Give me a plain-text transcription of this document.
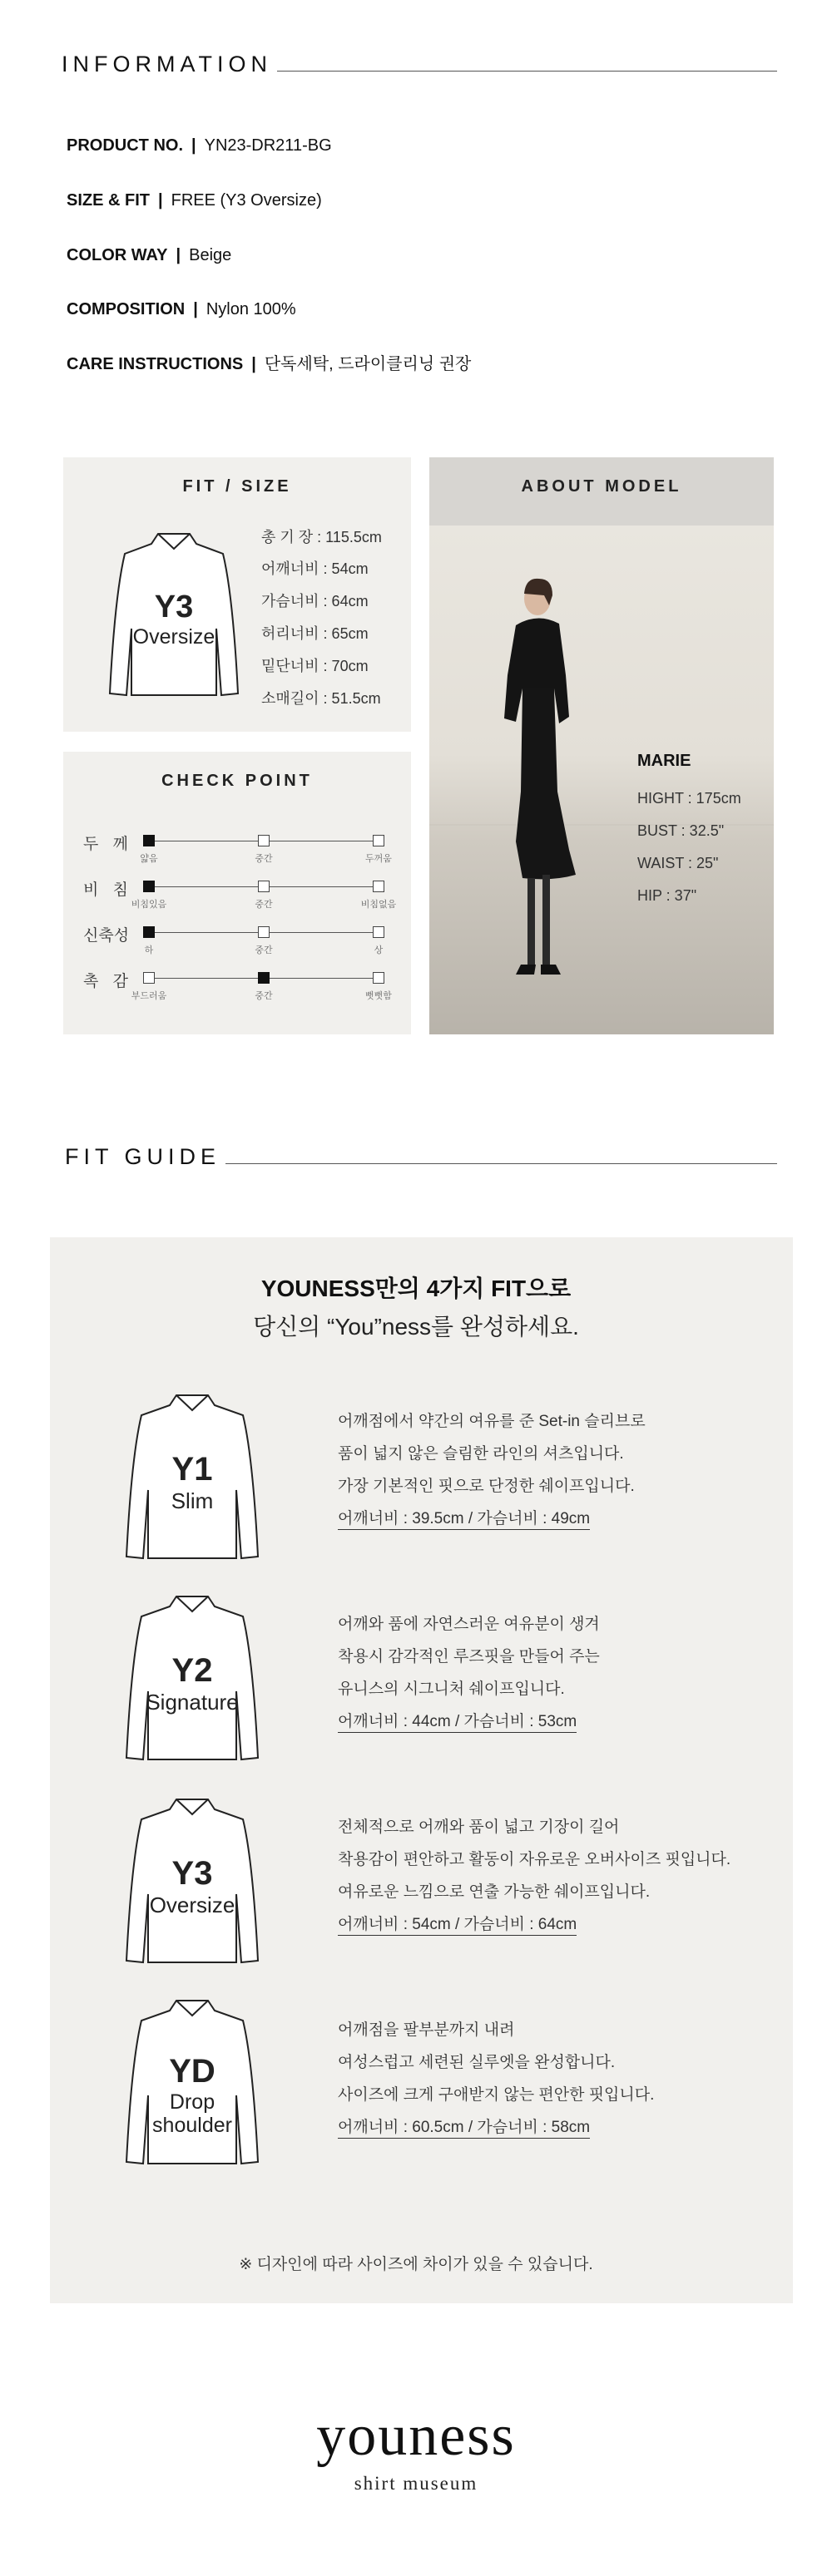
INFORMATION
PRODUCT NO. | YN23-DR211-BG
SIZE & FIT | FREE (Y3 Oversize)
COLOR WAY | Beige
COMPOSITION | Nylon 100%
CARE INSTRUCTIONS | 단독세탁, 드라이클리닝 권장
FIT / SIZE
Y3
Oversize
총 기 장 : 115.5cm
어깨너비 : 54cm
가슴너비 : 64cm
허리너비 : 65cm
밑단너비 : 70cm
소매길이 : 51.5cm
CHECK POINT
두 께
얇음	중간	두꺼움
비 침
비침있음	중간	비침없음
신축성
하	중간	상
촉 감
부드러움	중간	뻣뻣함
ABOUT MODEL
MARIE
HIGHT : 175cm
BUST : 32.5"
WAIST : 25"
HIP : 37"
FIT GUIDE
YOUNESS만의 4가지 FIT으로
당신의 “You”ness를 완성하세요.
Y1
Slim
어깨점에서 약간의 여유를 준 Set-in 슬리브로
품이 넓지 않은 슬림한 라인의 셔츠입니다.
가장 기본적인 핏으로 단정한 쉐이프입니다.
어깨너비 : 39.5cm / 가슴너비 : 49cm
Y2
Signature
어깨와 품에 자연스러운 여유분이 생겨
착용시 감각적인 루즈핏을 만들어 주는
유니스의 시그니처 쉐이프입니다.
어깨너비 : 44cm / 가슴너비 : 53cm
Y3
Oversize
전체적으로 어깨와 품이 넓고 기장이 길어
착용감이 편안하고 활동이 자유로운 오버사이즈 핏입니다.
여유로운 느낌으로 연출 가능한 쉐이프입니다.
어깨너비 : 54cm / 가슴너비 : 64cm
YD
Drop
shoulder
어깨점을 팔부분까지 내려
여성스럽고 세련된 실루엣을 완성합니다.
사이즈에 크게 구애받지 않는 편안한 핏입니다.
어깨너비 : 60.5cm / 가슴너비 : 58cm
※ 디자인에 따라 사이즈에 차이가 있을 수 있습니다.
youness
shirt museum
